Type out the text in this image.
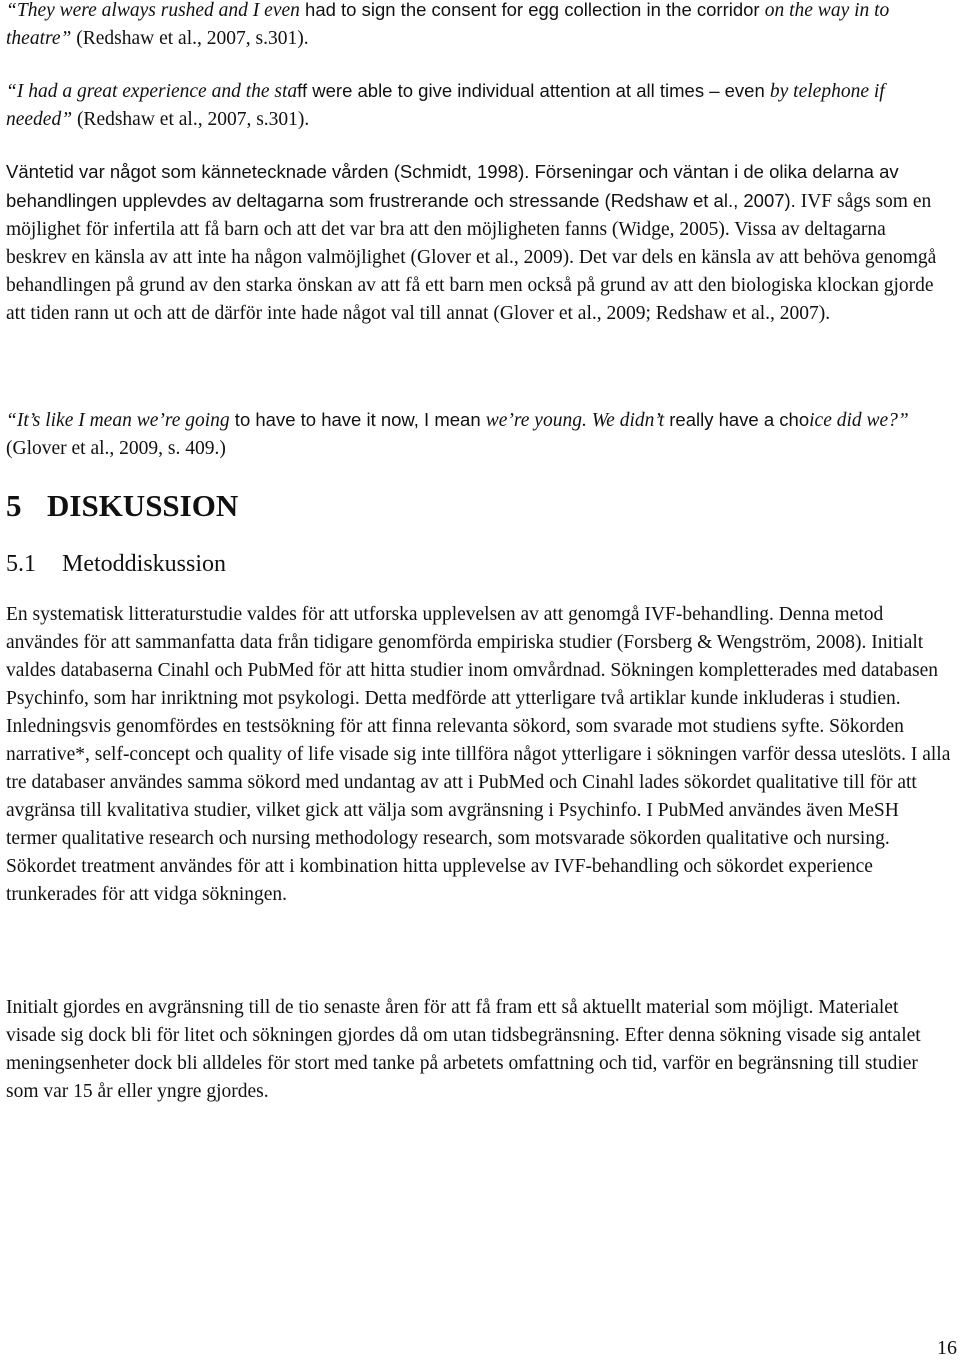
“They were always rushed and I even had to sign the consent for egg collection in the corridor on the way in to theatre” (Redshaw et al., 2007, s.301).

“I had a great experience and the staff were able to give individual attention at all times – even by telephone if needed” (Redshaw et al., 2007, s.301).

Väntetid var något som kännetecknade vården (Schmidt, 1998). Förseningar och väntan i de olika delarna av behandlingen upplevdes av deltagarna som frustrerande och stressande (Redshaw et al., 2007). IVF sågs som en möjlighet för infertila att få barn och att det var bra att den möjligheten fanns (Widge, 2005). Vissa av deltagarna beskrev en känsla av att inte ha någon valmöjlighet (Glover et al., 2009). Det var dels en känsla av att behöva genomgå behandlingen på grund av den starka önskan av att få ett barn men också på grund av att den biologiska klockan gjorde att tiden rann ut och att de därför inte hade något val till annat (Glover et al., 2009; Redshaw et al., 2007).

“It’s like I mean we’re going to have to have it now, I mean we’re young. We didn’t really have a choice did we?” (Glover et al., 2009, s. 409.)

5 DISKUSSION
5.1 Metoddiskussion

En systematisk litteraturstudie valdes för att utforska upplevelsen av att genomgå IVF-behandling. Denna metod användes för att sammanfatta data från tidigare genomförda empiriska studier (Forsberg & Wengström, 2008). Initialt valdes databaserna Cinahl och PubMed för att hitta studier inom omvårdnad. Sökningen kompletterades med databasen Psychinfo, som har inriktning mot psykologi. Detta medförde att ytterligare två artiklar kunde inkluderas i studien. Inledningsvis genomfördes en testsökning för att finna relevanta sökord, som svarade mot studiens syfte. Sökorden narrative*, self-concept och quality of life visade sig inte tillföra något ytterligare i sökningen varför dessa uteslöts. I alla tre databaser användes samma sökord med undantag av att i PubMed och Cinahl lades sökordet qualitative till för att avgränsa till kvalitativa studier, vilket gick att välja som avgränsning i Psychinfo. I PubMed användes även MeSH termer qualitative research och nursing methodology research, som motsvarade sökorden qualitative och nursing. Sökordet treatment användes för att i kombination hitta upplevelse av IVF-behandling och sökordet experience trunkerades för att vidga sökningen.

Initialt gjordes en avgränsning till de tio senaste åren för att få fram ett så aktuellt material som möjligt. Materialet visade sig dock bli för litet och sökningen gjordes då om utan tidsbegränsning. Efter denna sökning visade sig antalet meningsenheter dock bli alldeles för stort med tanke på arbetets omfattning och tid, varför en begränsning till studier som var 15 år eller yngre gjordes.

16
